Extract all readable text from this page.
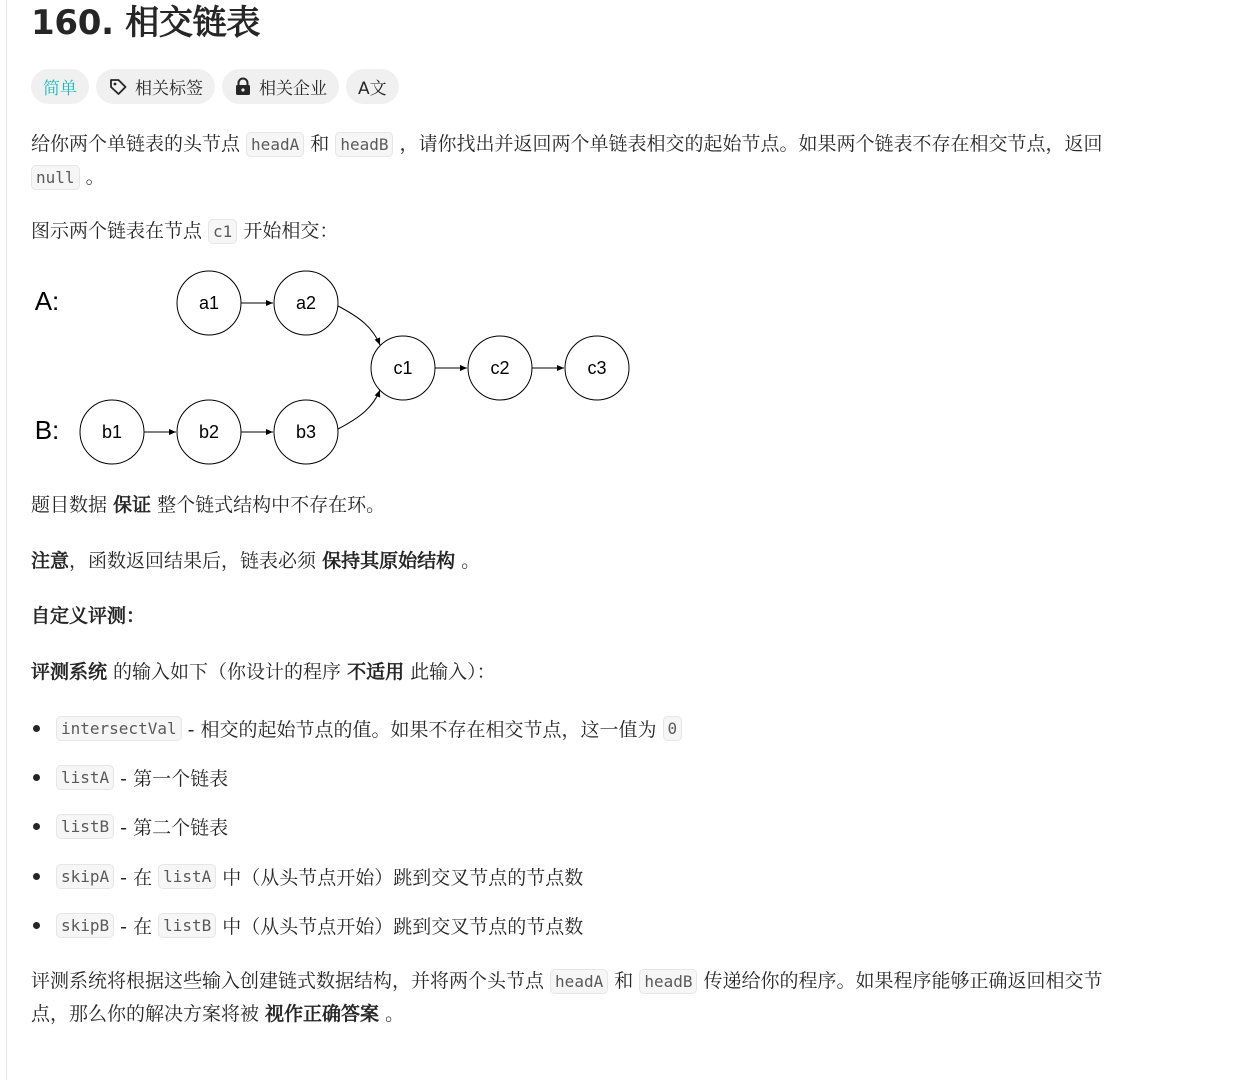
160. 相交链表
简单	相关标签	相关企业 A文
给你两个单链表的头节点 headA 和 headB ，请你找出并返回两个单链表相交的起始节点。如果两个链表不存在相交节点，返回
null 。
图示两个链表在节点 c1 开始相交：
A:
B:
a1	a2
b1	b2	b3
c1	c2	c3
题目数据 保证 整个链式结构中不存在环。
注意，函数返回结果后，链表必须 保持其原始结构 。
自定义评测：
评测系统 的输入如下（你设计的程序 不适用 此输入）：
intersectVal - 相交的起始节点的值。如果不存在相交节点，这一值为 0
listA - 第一个链表
listB - 第二个链表
skipA - 在 listA 中（从头节点开始）跳到交叉节点的节点数
skipB - 在 listB 中（从头节点开始）跳到交叉节点的节点数
评测系统将根据这些输入创建链式数据结构，并将两个头节点 headA 和 headB 传递给你的程序。如果程序能够正确返回相交节
点，那么你的解决方案将被 视作正确答案 。
